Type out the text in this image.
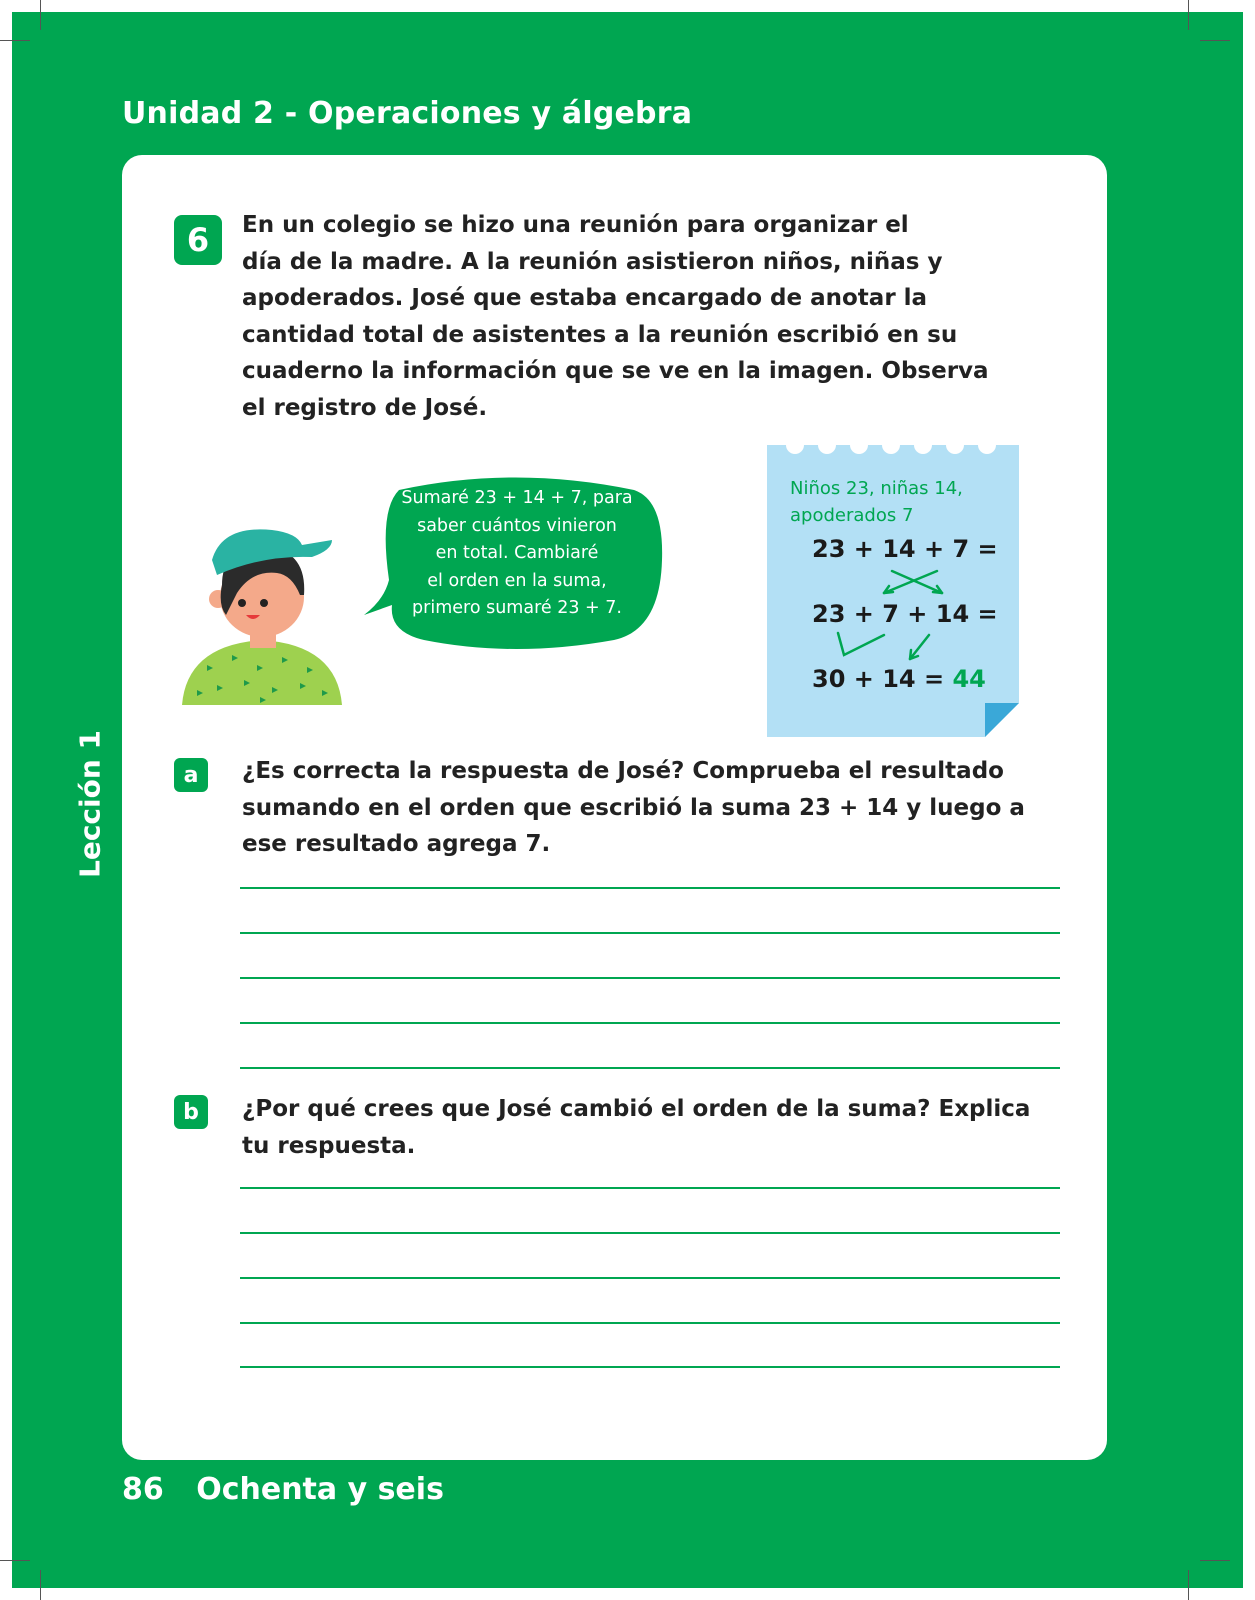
Unidad 2 - Operaciones y álgebra
Lección 1
6	En un colegio se hizo una reunión para organizar el
día de la madre. A la reunión asistieron niños, niñas y
apoderados. José que estaba encargado de anotar la
cantidad total de asistentes a la reunión escribió en su
cuaderno la información que se ve en la imagen. Observa
el registro de José.

Sumaré 23 + 14 + 7, para
saber cuántos vinieron
en total. Cambiaré
el orden en la suma,
primero sumaré 23 + 7.

Niños 23, niñas 14,
apoderados 7

23 + 14 + 7 =

23 + 7 + 14 =

30 + 14 = 44

a	¿Es correcta la respuesta de José? Comprueba el resultado
sumando en el orden que escribió la suma 23 + 14 y luego a
ese resultado agrega 7.

b	¿Por qué crees que José cambió el orden de la suma? Explica
tu respuesta.

86 Ochenta y seis
